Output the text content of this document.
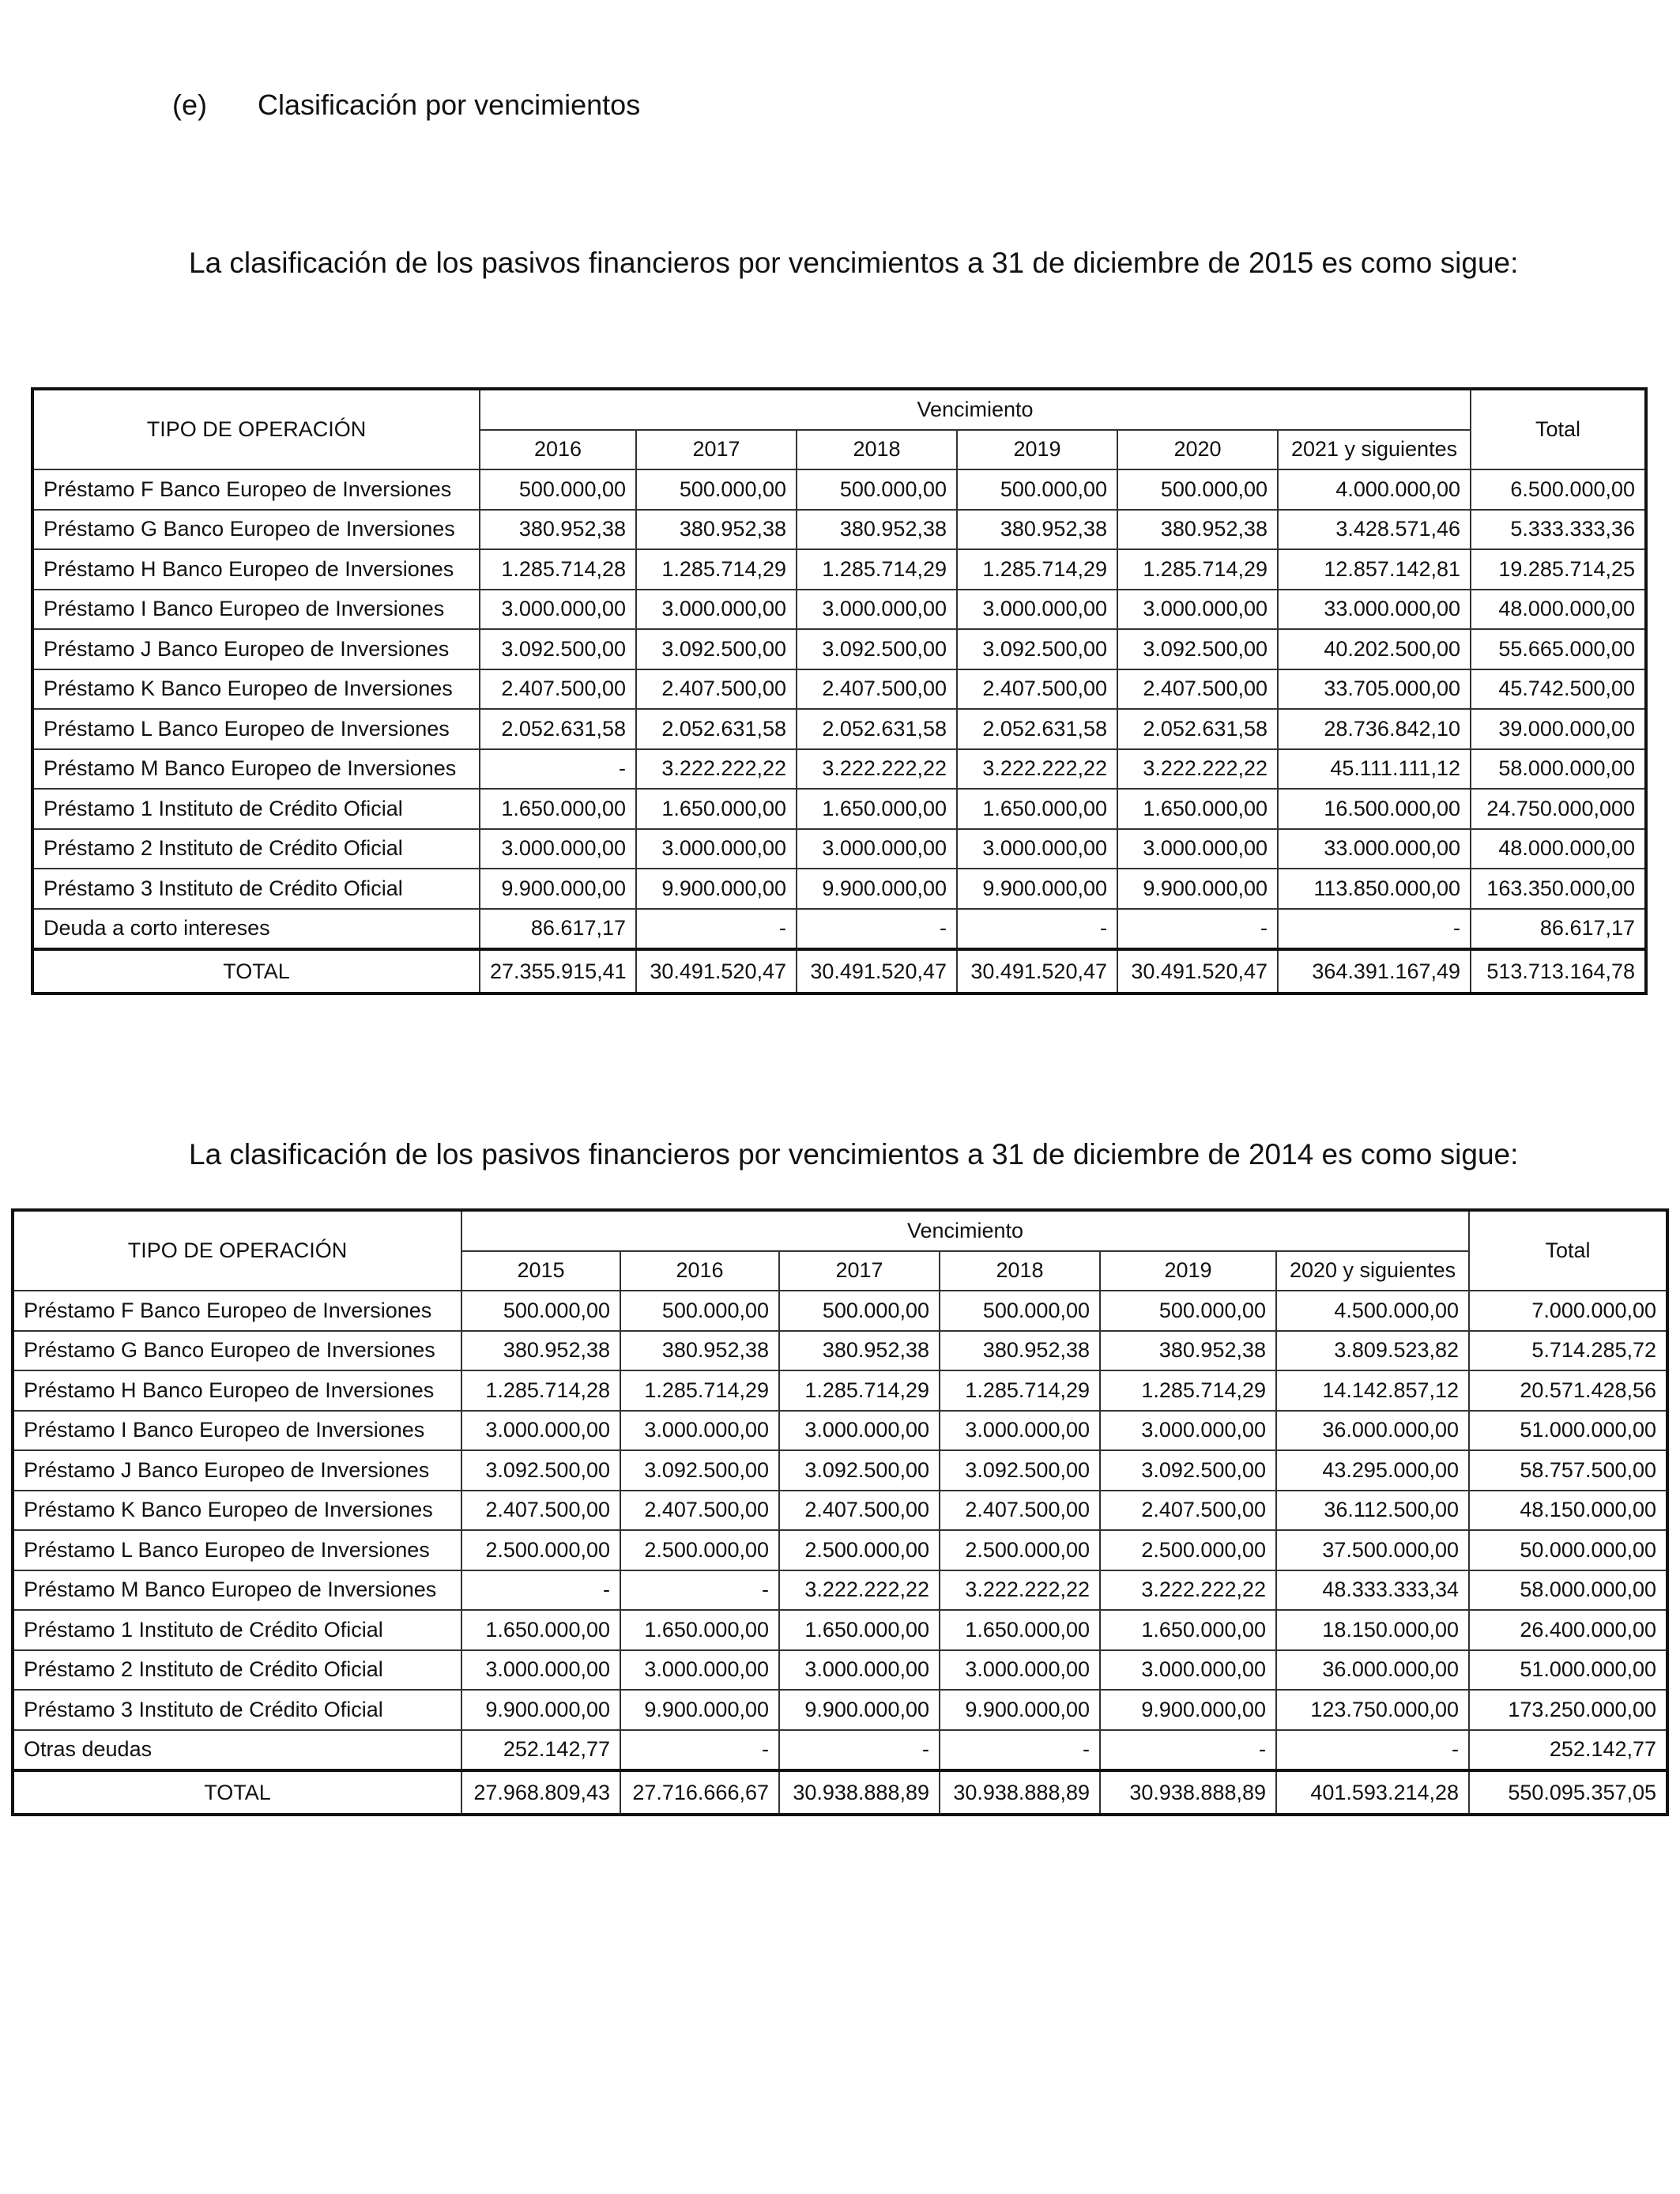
(e) Clasificación por vencimientos
La clasificación de los pasivos financieros por vencimientos a 31 de diciembre de 2015 es como sigue:
TIPO DE OPERACIÓN	Vencimiento						Total
	2016	2017	2018	2019	2020	2021 y siguientes	
Préstamo F Banco Europeo de Inversiones	500.000,00	500.000,00	500.000,00	500.000,00	500.000,00	4.000.000,00	6.500.000,00
Préstamo G Banco Europeo de Inversiones	380.952,38	380.952,38	380.952,38	380.952,38	380.952,38	3.428.571,46	5.333.333,36
Préstamo H Banco Europeo de Inversiones	1.285.714,28	1.285.714,29	1.285.714,29	1.285.714,29	1.285.714,29	12.857.142,81	19.285.714,25
Préstamo I Banco Europeo de Inversiones	3.000.000,00	3.000.000,00	3.000.000,00	3.000.000,00	3.000.000,00	33.000.000,00	48.000.000,00
Préstamo J Banco Europeo de Inversiones	3.092.500,00	3.092.500,00	3.092.500,00	3.092.500,00	3.092.500,00	40.202.500,00	55.665.000,00
Préstamo K Banco Europeo de Inversiones	2.407.500,00	2.407.500,00	2.407.500,00	2.407.500,00	2.407.500,00	33.705.000,00	45.742.500,00
Préstamo L Banco Europeo de Inversiones	2.052.631,58	2.052.631,58	2.052.631,58	2.052.631,58	2.052.631,58	28.736.842,10	39.000.000,00
Préstamo M Banco Europeo de Inversiones	-	3.222.222,22	3.222.222,22	3.222.222,22	3.222.222,22	45.111.111,12	58.000.000,00
Préstamo 1 Instituto de Crédito Oficial	1.650.000,00	1.650.000,00	1.650.000,00	1.650.000,00	1.650.000,00	16.500.000,00	24.750.000,000
Préstamo 2 Instituto de Crédito Oficial	3.000.000,00	3.000.000,00	3.000.000,00	3.000.000,00	3.000.000,00	33.000.000,00	48.000.000,00
Préstamo 3 Instituto de Crédito Oficial	9.900.000,00	9.900.000,00	9.900.000,00	9.900.000,00	9.900.000,00	113.850.000,00	163.350.000,00
Deuda a corto intereses	86.617,17	-	-	-	-	-	86.617,17
TOTAL	27.355.915,41	30.491.520,47	30.491.520,47	30.491.520,47	30.491.520,47	364.391.167,49	513.713.164,78
La clasificación de los pasivos financieros por vencimientos a 31 de diciembre de 2014 es como sigue:
TIPO DE OPERACIÓN	Vencimiento						Total
	2015	2016	2017	2018	2019	2020 y siguientes	
Préstamo F Banco Europeo de Inversiones	500.000,00	500.000,00	500.000,00	500.000,00	500.000,00	4.500.000,00	7.000.000,00
Préstamo G Banco Europeo de Inversiones	380.952,38	380.952,38	380.952,38	380.952,38	380.952,38	3.809.523,82	5.714.285,72
Préstamo H Banco Europeo de Inversiones	1.285.714,28	1.285.714,29	1.285.714,29	1.285.714,29	1.285.714,29	14.142.857,12	20.571.428,56
Préstamo I Banco Europeo de Inversiones	3.000.000,00	3.000.000,00	3.000.000,00	3.000.000,00	3.000.000,00	36.000.000,00	51.000.000,00
Préstamo J Banco Europeo de Inversiones	3.092.500,00	3.092.500,00	3.092.500,00	3.092.500,00	3.092.500,00	43.295.000,00	58.757.500,00
Préstamo K Banco Europeo de Inversiones	2.407.500,00	2.407.500,00	2.407.500,00	2.407.500,00	2.407.500,00	36.112.500,00	48.150.000,00
Préstamo L Banco Europeo de Inversiones	2.500.000,00	2.500.000,00	2.500.000,00	2.500.000,00	2.500.000,00	37.500.000,00	50.000.000,00
Préstamo M Banco Europeo de Inversiones	-	-	3.222.222,22	3.222.222,22	3.222.222,22	48.333.333,34	58.000.000,00
Préstamo 1 Instituto de Crédito Oficial	1.650.000,00	1.650.000,00	1.650.000,00	1.650.000,00	1.650.000,00	18.150.000,00	26.400.000,00
Préstamo 2 Instituto de Crédito Oficial	3.000.000,00	3.000.000,00	3.000.000,00	3.000.000,00	3.000.000,00	36.000.000,00	51.000.000,00
Préstamo 3 Instituto de Crédito Oficial	9.900.000,00	9.900.000,00	9.900.000,00	9.900.000,00	9.900.000,00	123.750.000,00	173.250.000,00
Otras deudas	252.142,77	-	-	-	-	-	252.142,77
TOTAL	27.968.809,43	27.716.666,67	30.938.888,89	30.938.888,89	30.938.888,89	401.593.214,28	550.095.357,05
